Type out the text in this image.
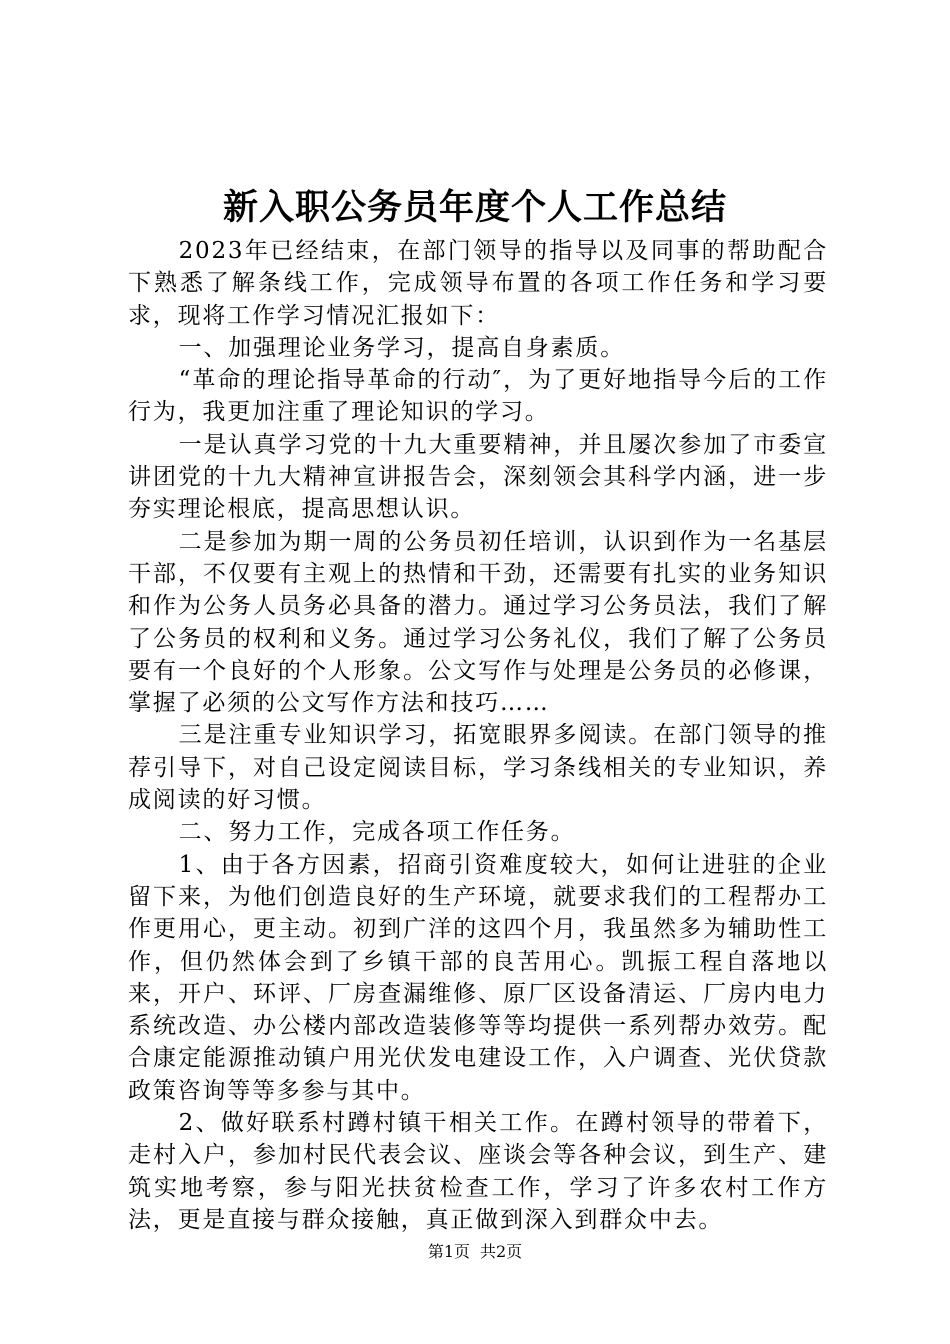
新入职公务员年度个人工作总结

2023年已经结束，在部门领导的指导以及同事的帮助配合下熟悉了解条线工作，完成领导布置的各项工作任务和学习要求，现将工作学习情况汇报如下：

一、加强理论业务学习，提高自身素质。

“革命的理论指导革命的行动″，为了更好地指导今后的工作行为，我更加注重了理论知识的学习。

一是认真学习党的十九大重要精神，并且屡次参加了市委宣讲团党的十九大精神宣讲报告会，深刻领会其科学内涵，进一步夯实理论根底，提高思想认识。

二是参加为期一周的公务员初任培训，认识到作为一名基层干部，不仅要有主观上的热情和干劲，还需要有扎实的业务知识和作为公务人员务必具备的潜力。通过学习公务员法，我们了解了公务员的权利和义务。通过学习公务礼仪，我们了解了公务员要有一个良好的个人形象。公文写作与处理是公务员的必修课，掌握了必须的公文写作方法和技巧……

三是注重专业知识学习，拓宽眼界多阅读。在部门领导的推荐引导下，对自己设定阅读目标，学习条线相关的专业知识，养成阅读的好习惯。

二、努力工作，完成各项工作任务。

1、由于各方因素，招商引资难度较大，如何让进驻的企业留下来，为他们创造良好的生产环境，就要求我们的工程帮办工作更用心，更主动。初到广洋的这四个月，我虽然多为辅助性工作，但仍然体会到了乡镇干部的良苦用心。凯振工程自落地以来，开户、环评、厂房查漏维修、原厂区设备清运、厂房内电力系统改造、办公楼内部改造装修等等均提供一系列帮办效劳。配合康定能源推动镇户用光伏发电建设工作，入户调查、光伏贷款政策咨询等等多参与其中。

2、做好联系村蹲村镇干相关工作。在蹲村领导的带着下，走村入户，参加村民代表会议、座谈会等各种会议，到生产、建筑实地考察，参与阳光扶贫检查工作，学习了许多农村工作方法，更是直接与群众接触，真正做到深入到群众中去。

第1页 共2页
